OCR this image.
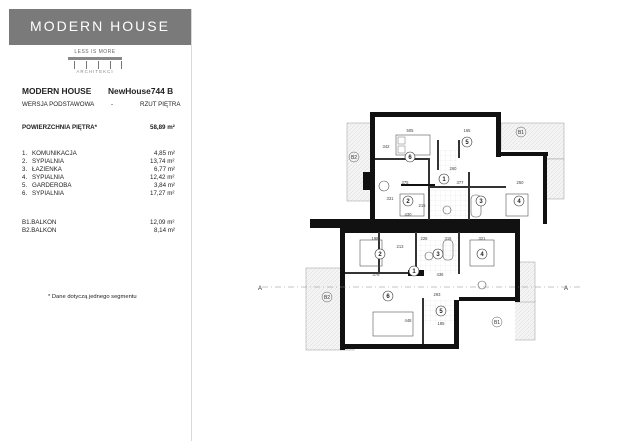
MODERN HOUSE
LESS IS MORE
ARCHITEKCI
MODERN HOUSE NewHouse744 B
WERSJA PODSTAWOWA	-	RZUT PIĘTRA
POWIERZCHNIA PIĘTRA*	58,89 m²
1. KOMUNIKACJA	4,85 m²
2. SYPIALNIA	13,74 m²
3. ŁAZIENKA	6,77 m²
4. SYPIALNIA	12,42 m²
5. GARDEROBA	3,84 m²
6. SYPIALNIA	17,27 m²
B1.BALKON	12,09 m²
B2.BALKON	8,14 m²
* Dane dotyczą jednego segmentu
6
1
2	3	4
5
2	3
1
4
6
5
B2
B1
B2
B1
505
342
165
260
375
331
215
430
377	250
198
213
226
376
315
436
293
185
321
448
A	A
